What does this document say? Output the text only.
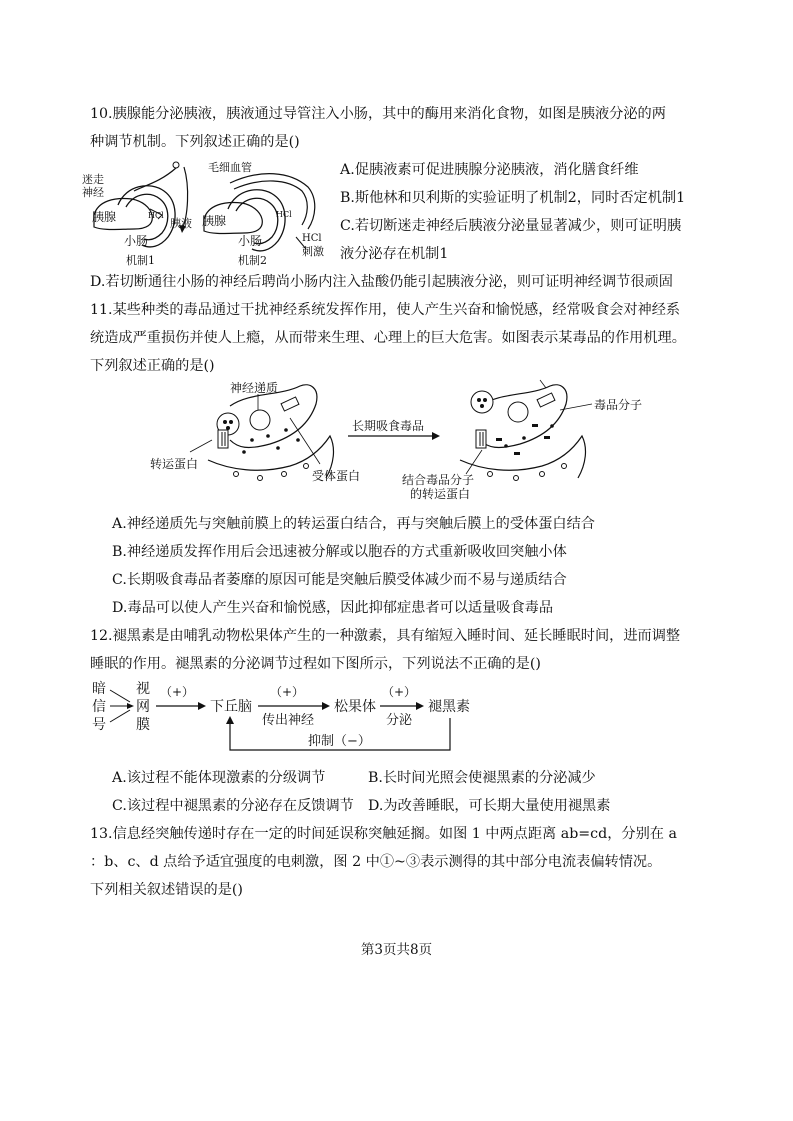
10.胰腺能分泌胰液，胰液通过导管注入小肠，其中的酶用来消化食物，如图是胰液分泌的两
种调节机制。下列叙述正确的是()
迷走
神经
胰腺	HCl
胰液
小肠
机制1
毛细血管
胰腺	HCl
小肠	HCl
刺激
机制2
A.促胰液素可促进胰腺分泌胰液，消化膳食纤维
B.斯他林和贝利斯的实验证明了机制2，同时否定机制1
C.若切断迷走神经后胰液分泌量显著减少，则可证明胰
液分泌存在机制1
D.若切断通往小肠的神经后聘尚小肠内注入盐酸仍能引起胰液分泌，则可证明神经调节很顽固
11.某些种类的毒品通过干扰神经系统发挥作用，使人产生兴奋和愉悦感，经常吸食会对神经系
统造成严重损伤并使人上瘾，从而带来生理、心理上的巨大危害。如图表示某毒品的作用机理。
下列叙述正确的是()
神经递质
转运蛋白
受体蛋白
长期吸食毒品
毒品分子
结合毒品分子
的转运蛋白
A.神经递质先与突触前膜上的转运蛋白结合，再与突触后膜上的受体蛋白结合
B.神经递质发挥作用后会迅速被分解或以胞吞的方式重新吸收回突触小体
C.长期吸食毒品者萎靡的原因可能是突触后膜受体减少而不易与递质结合
D.毒品可以使人产生兴奋和愉悦感，因此抑郁症患者可以适量吸食毒品
12.褪黑素是由哺乳动物松果体产生的一种激素，具有缩短入睡时间、延长睡眠时间，进而调整
睡眠的作用。褪黑素的分泌调节过程如下图所示，下列说法不正确的是()
暗
信
号
视
网
膜
（+）
下丘脑
（+）
传出神经
松果体
（+）
分泌
褪黑素
抑制（−）
A.该过程不能体现激素的分级调节	B.长时间光照会使褪黑素的分泌减少
C.该过程中褪黑素的分泌存在反馈调节 D.为改善睡眠，可长期大量使用褪黑素
13.信息经突触传递时存在一定的时间延误称突触延搁。如图 1 中两点距离 ab=cd，分别在 a
：b、c、d 点给予适宜强度的电刺激，图 2 中①~③表示测得的其中部分电流表偏转情况。
下列相关叙述错误的是()
第3页共8页
